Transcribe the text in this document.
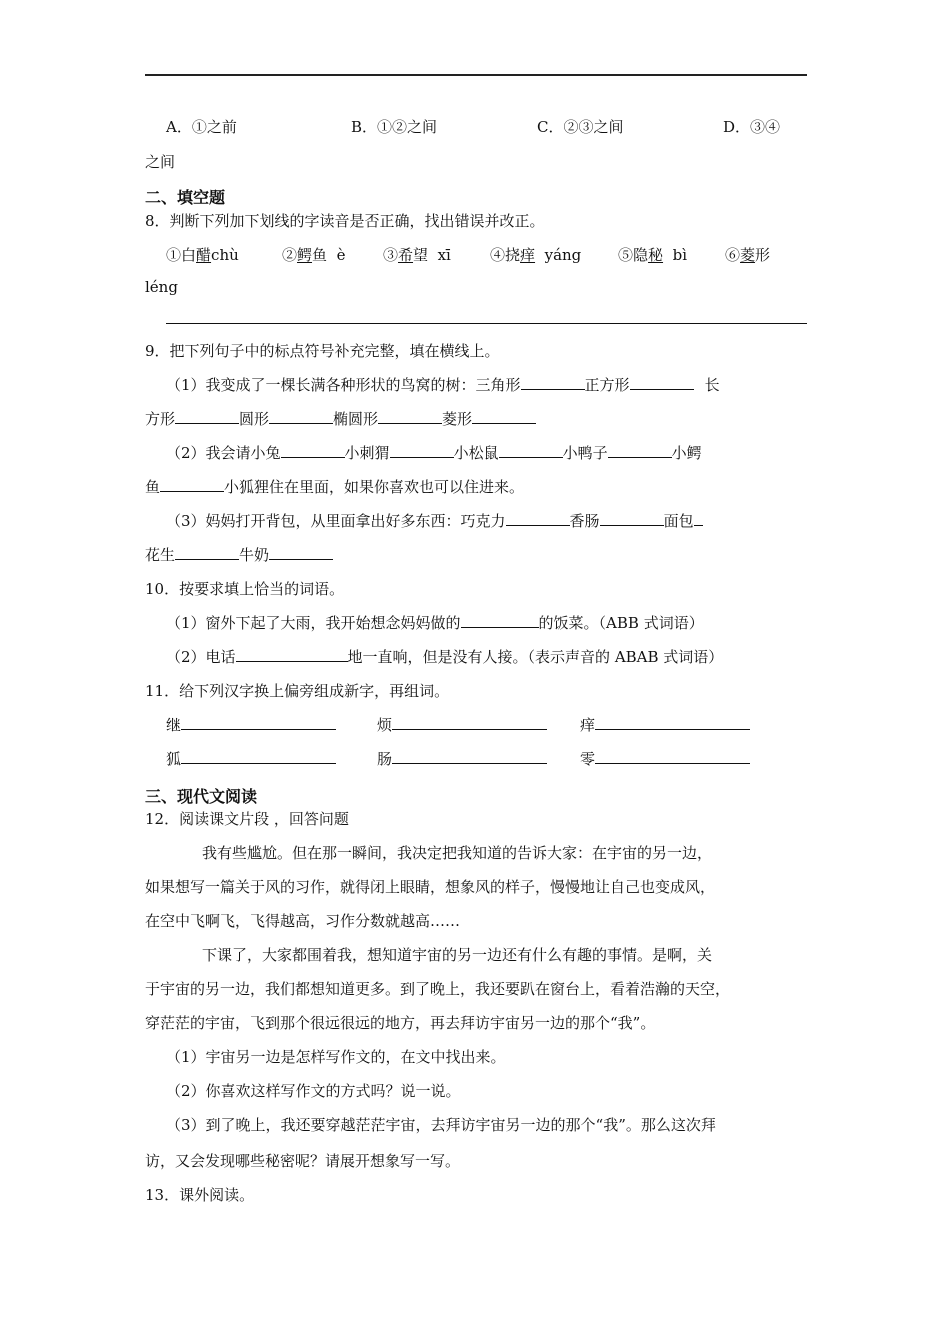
A．①之前	B．①②之间	C．②③之间	D．③④
之间
二、填空题
8．判断下列加下划线的字读音是否正确，找出错误并改正。
①白醋chù	②鳄鱼 è	③希望 xī	④挠痒 yáng ⑤隐秘 bì	⑥菱形
léng
9．把下列句子中的标点符号补充完整，填在横线上。
（1）我变成了一棵长满各种形状的鸟窝的树：三角形	正方形	长
方形	圆形	椭圆形	菱形
（2）我会请小兔	小刺猬	小松鼠	小鸭子	小鳄
鱼	小狐狸住在里面，如果你喜欢也可以住进来。
（3）妈妈打开背包，从里面拿出好多东西：巧克力	香肠	面包
花生	牛奶
10．按要求填上恰当的词语。
（1）窗外下起了大雨，我开始想念妈妈做的	的饭菜。（ABB 式词语）
（2）电话	地一直响，但是没有人接。（表示声音的 ABAB 式词语）
11．给下列汉字换上偏旁组成新字，再组词。
继	烦	痒
狐	肠	零
三、现代文阅读
12．阅读课文片段 ，回答问题
我有些尴尬。但在那一瞬间，我决定把我知道的告诉大家：在宇宙的另一边，
如果想写一篇关于风的习作，就得闭上眼睛，想象风的样子，慢慢地让自己也变成风，
在空中飞啊飞，飞得越高，习作分数就越高……
下课了，大家都围着我，想知道宇宙的另一边还有什么有趣的事情。是啊，关
于宇宙的另一边，我们都想知道更多。到了晚上，我还要趴在窗台上，看着浩瀚的天空，
穿茫茫的宇宙，飞到那个很远很远的地方，再去拜访宇宙另一边的那个“我”。
（1）宇宙另一边是怎样写作文的，在文中找出来。
（2）你喜欢这样写作文的方式吗？说一说。
（3）到了晚上，我还要穿越茫茫宇宙，去拜访宇宙另一边的那个“我”。那么这次拜
访，又会发现哪些秘密呢？请展开想象写一写。
13．课外阅读。
